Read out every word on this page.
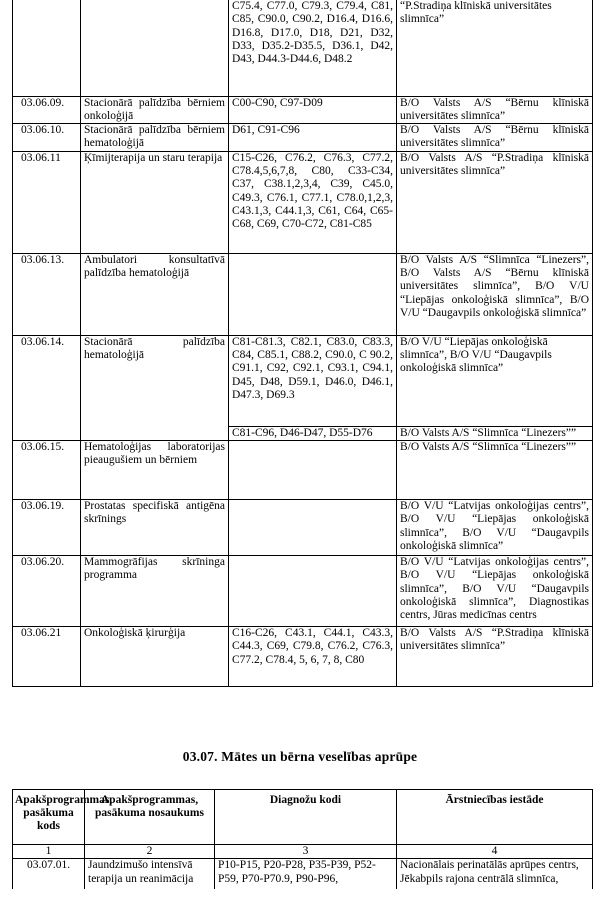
		C75.4, C77.0, C79.3, C79.4, C81, C85, C90.0, C90.2, D16.4, D16.6, D16.8, D17.0, D18, D21, D32, D33, D35.2-D35.5, D36.1, D42, D43, D44.3-D44.6, D48.2	“P.Stradiņa klīniskā universitātes slimnīca”
03.06.09.	Stacionārā palīdzība bērniem onkoloģijā	C00-C90, C97-D09	B/O Valsts A/S “Bērnu klīniskā universitātes slimnīca”
03.06.10.	Stacionārā palīdzība bērniem hematoloģijā	D61, C91-C96	B/O Valsts A/S “Bērnu klīniskā universitātes slimnīca”
03.06.11	Ķīmijterapija un staru terapija	C15-C26, C76.2, C76.3, C77.2, C78.4,5,6,7,8, C80, C33-C34, C37, C38.1,2,3,4, C39, C45.0, C49.3, C76.1, C77.1, C78.0,1,2,3, C43.1,3, C44.1,3, C61, C64, C65-C68, C69, C70-C72, C81-C85	B/O Valsts A/S “P.Stradiņa klīniskā universitātes slimnīca”
03.06.13.	Ambulatori konsultatīvā palīdzība hematoloģijā		B/O Valsts A/S “Slimnīca “Linezers”, B/O Valsts A/S “Bērnu klīniskā universitātes slimnīca”, B/O V/U “Liepājas onkoloģiskā slimnīca”, B/O V/U “Daugavpils onkoloģiskā slimnīca”
03.06.14.	Stacionārā palīdzība hematoloģijā	C81-C81.3, C82.1, C83.0, C83.3, C84, C85.1, C88.2, C90.0, C 90.2, C91.1, C92, C92.1, C93.1, C94.1, D45, D48, D59.1, D46.0, D46.1, D47.3, D69.3	B/O V/U “Liepājas onkoloģiskā slimnīca”, B/O V/U “Daugavpils onkoloģiskā slimnīca”
		C81-C96, D46-D47, D55-D76	B/O Valsts A/S “Slimnīca “Linezers””
03.06.15.	Hematoloģijas laboratorijas pieaugušiem un bērniem		B/O Valsts A/S “Slimnīca “Linezers””
03.06.19.	Prostatas specifiskā antigēna skrīnings		B/O V/U “Latvijas onkoloģijas centrs”, B/O V/U “Liepājas onkoloģiskā slimnīca”, B/O V/U “Daugavpils onkoloģiskā slimnīca”
03.06.20.	Mammogrāfijas skrīninga programma		B/O V/U “Latvijas onkoloģijas centrs”, B/O V/U “Liepājas onkoloģiskā slimnīca”, B/O V/U “Daugavpils onkoloģiskā slimnīca”, Diagnostikas centrs, Jūras medicīnas centrs
03.06.21	Onkoloģiskā ķirurģija	C16-C26, C43.1, C44.1, C43.3, C44.3, C69, C79.8, C76.2, C76.3, C77.2, C78.4, 5, 6, 7, 8, C80	B/O Valsts A/S “P.Stradiņa klīniskā universitātes slimnīca”
03.07. Mātes un bērna veselības aprūpe
Apakšprogrammas, pasākuma kods	Apakšprogrammas, pasākuma nosaukums	Diagnožu kodi	Ārstniecības iestāde
1	2	3	4
03.07.01.	Jaundzimušo intensīvā terapija un reanimācija	P10-P15, P20-P28, P35-P39, P52-P59, P70-P70.9, P90-P96,	Nacionālais perinatālās aprūpes centrs, Jēkabpils rajona centrālā slimnīca,
